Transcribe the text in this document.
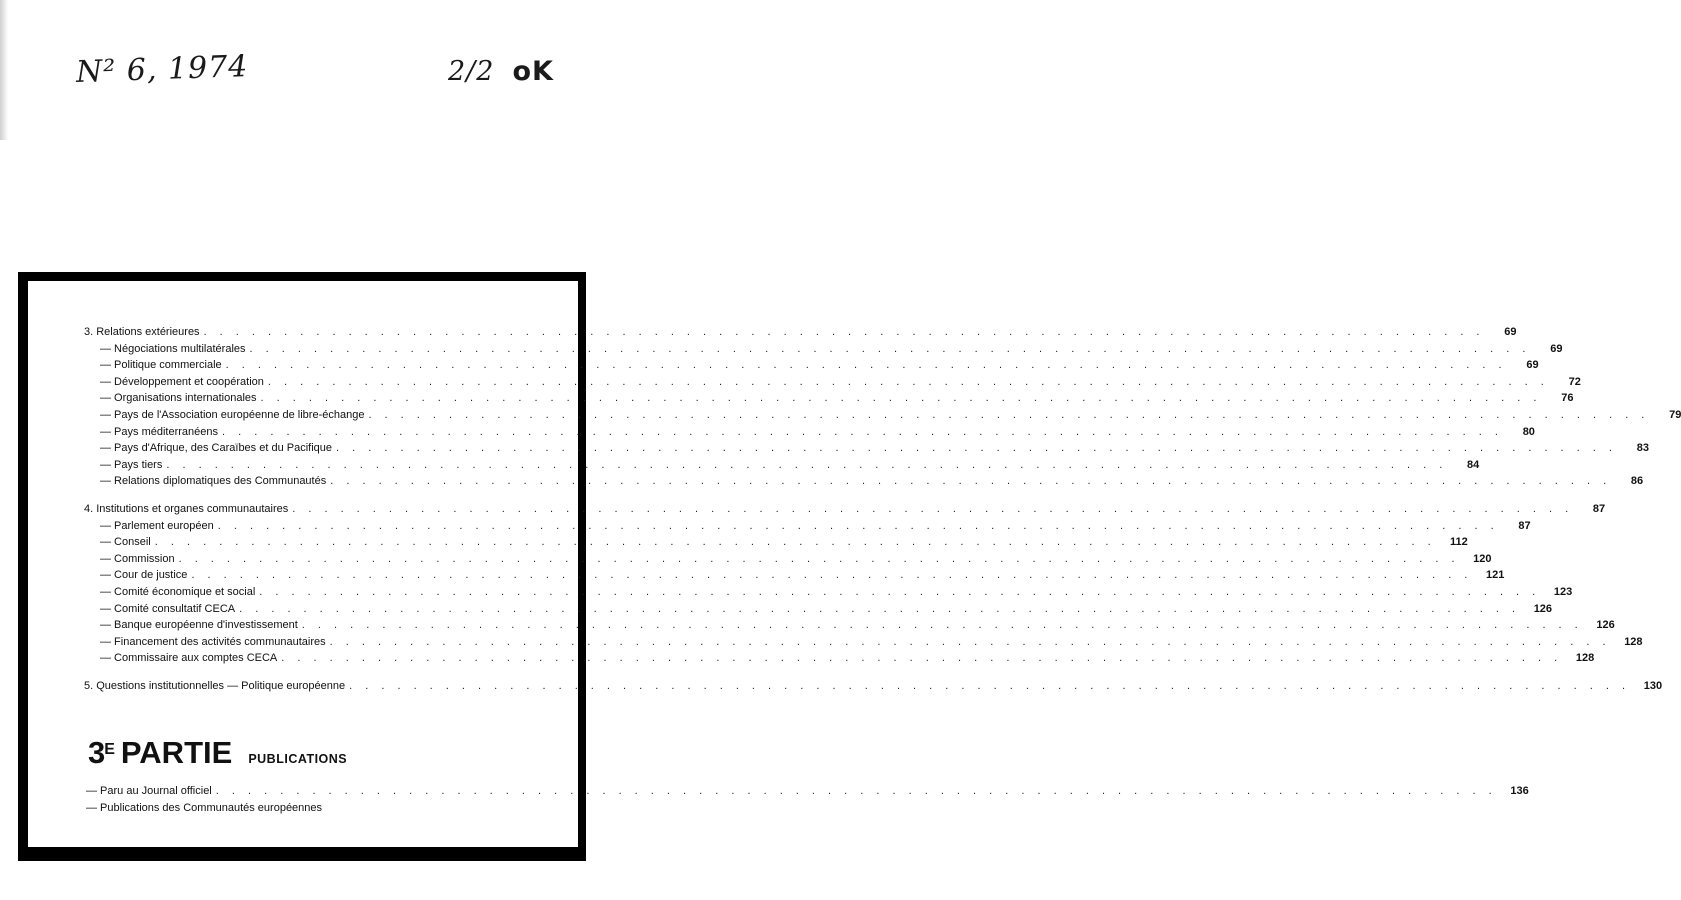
N² 6, 1974	2/2 oK
3. Relations extérieures . . . . . . . . . . . . . . . . . . . . . . . . . . . . . . . . . . . . . . . . . . . . . . . . . . . . . . . . . . . . . . . . . . . . . . . . . . . . . . . .	69
— Négociations multilatérales . . . . . . . . . . . . . . . . . . . . . . . . . . . . . . . . . . . . . . . . . . . . . . . . . . . . . . . . . . . . . . . . . . . . . . . . . . . . . . . .	69
— Politique commerciale . . . . . . . . . . . . . . . . . . . . . . . . . . . . . . . . . . . . . . . . . . . . . . . . . . . . . . . . . . . . . . . . . . . . . . . . . . . . . . . .	69
— Développement et coopération . . . . . . . . . . . . . . . . . . . . . . . . . . . . . . . . . . . . . . . . . . . . . . . . . . . . . . . . . . . . . . . . . . . . . . . . . . . . . . . .	72
— Organisations internationales . . . . . . . . . . . . . . . . . . . . . . . . . . . . . . . . . . . . . . . . . . . . . . . . . . . . . . . . . . . . . . . . . . . . . . . . . . . . . . . .	76
— Pays de l'Association européenne de libre-échange . . . . . . . . . . . . . . . . . . . . . . . . . . . . . . . . . . . . . . . . . . . . . . . . . . . . . . . . . . . . . . . . . . . . . . . . . . . . . . . .	79
— Pays méditerranéens . . . . . . . . . . . . . . . . . . . . . . . . . . . . . . . . . . . . . . . . . . . . . . . . . . . . . . . . . . . . . . . . . . . . . . . . . . . . . . . .	80
— Pays d'Afrique, des Caraïbes et du Pacifique . . . . . . . . . . . . . . . . . . . . . . . . . . . . . . . . . . . . . . . . . . . . . . . . . . . . . . . . . . . . . . . . . . . . . . . . . . . . . . . .	83
— Pays tiers . . . . . . . . . . . . . . . . . . . . . . . . . . . . . . . . . . . . . . . . . . . . . . . . . . . . . . . . . . . . . . . . . . . . . . . . . . . . . . . .	84
— Relations diplomatiques des Communautés . . . . . . . . . . . . . . . . . . . . . . . . . . . . . . . . . . . . . . . . . . . . . . . . . . . . . . . . . . . . . . . . . . . . . . . . . . . . . . . .	86
4. Institutions et organes communautaires . . . . . . . . . . . . . . . . . . . . . . . . . . . . . . . . . . . . . . . . . . . . . . . . . . . . . . . . . . . . . . . . . . . . . . . . . . . . . . . .	87
— Parlement européen . . . . . . . . . . . . . . . . . . . . . . . . . . . . . . . . . . . . . . . . . . . . . . . . . . . . . . . . . . . . . . . . . . . . . . . . . . . . . . . .	87
— Conseil . . . . . . . . . . . . . . . . . . . . . . . . . . . . . . . . . . . . . . . . . . . . . . . . . . . . . . . . . . . . . . . . . . . . . . . . . . . . . . . .	112
— Commission . . . . . . . . . . . . . . . . . . . . . . . . . . . . . . . . . . . . . . . . . . . . . . . . . . . . . . . . . . . . . . . . . . . . . . . . . . . . . . . .	120
— Cour de justice . . . . . . . . . . . . . . . . . . . . . . . . . . . . . . . . . . . . . . . . . . . . . . . . . . . . . . . . . . . . . . . . . . . . . . . . . . . . . . . .	121
— Comité économique et social . . . . . . . . . . . . . . . . . . . . . . . . . . . . . . . . . . . . . . . . . . . . . . . . . . . . . . . . . . . . . . . . . . . . . . . . . . . . . . . .	123
— Comité consultatif CECA . . . . . . . . . . . . . . . . . . . . . . . . . . . . . . . . . . . . . . . . . . . . . . . . . . . . . . . . . . . . . . . . . . . . . . . . . . . . . . . .	126
— Banque européenne d'investissement . . . . . . . . . . . . . . . . . . . . . . . . . . . . . . . . . . . . . . . . . . . . . . . . . . . . . . . . . . . . . . . . . . . . . . . . . . . . . . . .	126
— Financement des activités communautaires . . . . . . . . . . . . . . . . . . . . . . . . . . . . . . . . . . . . . . . . . . . . . . . . . . . . . . . . . . . . . . . . . . . . . . . . . . . . . . . .	128
— Commissaire aux comptes CECA . . . . . . . . . . . . . . . . . . . . . . . . . . . . . . . . . . . . . . . . . . . . . . . . . . . . . . . . . . . . . . . . . . . . . . . . . . . . . . . .	128
5. Questions institutionnelles — Politique européenne . . . . . . . . . . . . . . . . . . . . . . . . . . . . . . . . . . . . . . . . . . . . . . . . . . . . . . . . . . . . . . . . . . . . . . . . . . . . . . . .	130
3 E PARTIE PUBLICATIONS
— Paru au Journal officiel . . . . . . . . . . . . . . . . . . . . . . . . . . . . . . . . . . . . . . . . . . . . . . . . . . . . . . . . . . . . . . . . . . . . . . . . . . . . . . . .	136
— Publications des Communautés européennes
